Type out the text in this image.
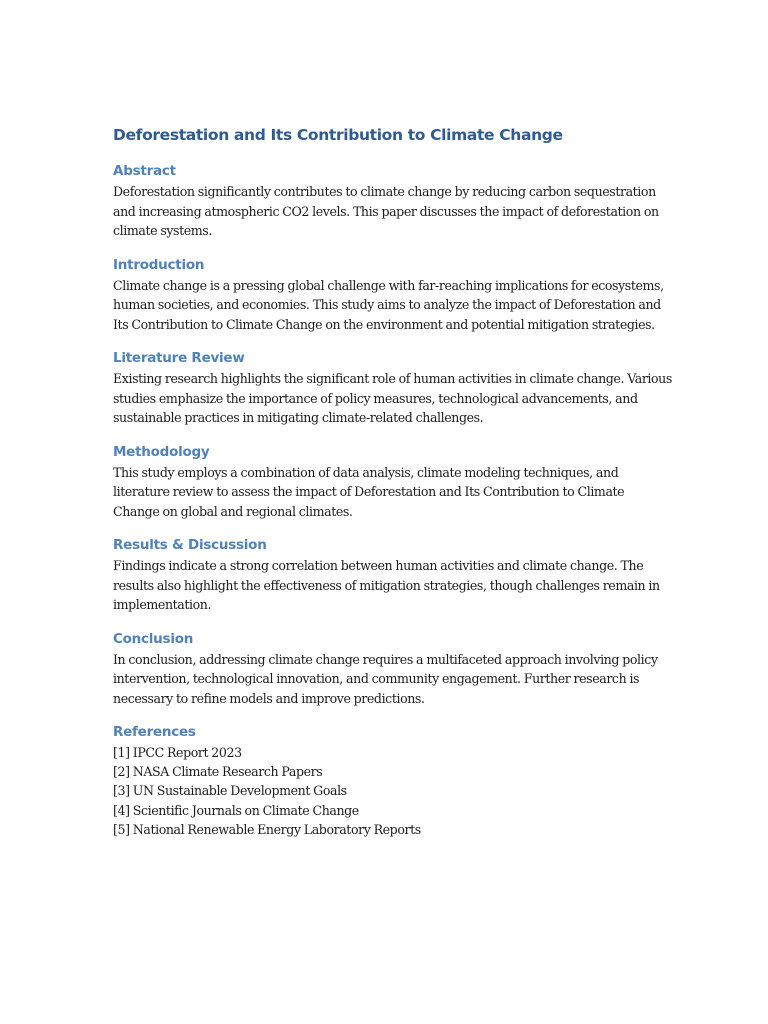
Deforestation and Its Contribution to Climate Change
Abstract

Deforestation significantly contributes to climate change by reducing carbon sequestration and increasing atmospheric CO2 levels. This paper discusses the impact of deforestation on climate systems.

Introduction

Climate change is a pressing global challenge with far-reaching implications for ecosystems, human societies, and economies. This study aims to analyze the impact of Deforestation and Its Contribution to Climate Change on the environment and potential mitigation strategies.

Literature Review

Existing research highlights the significant role of human activities in climate change. Various studies emphasize the importance of policy measures, technological advancements, and sustainable practices in mitigating climate-related challenges.

Methodology

This study employs a combination of data analysis, climate modeling techniques, and literature review to assess the impact of Deforestation and Its Contribution to Climate Change on global and regional climates.

Results & Discussion

Findings indicate a strong correlation between human activities and climate change. The results also highlight the effectiveness of mitigation strategies, though challenges remain in implementation.

Conclusion

In conclusion, addressing climate change requires a multifaceted approach involving policy intervention, technological innovation, and community engagement. Further research is necessary to refine models and improve predictions.

References
[1] IPCC Report 2023
[2] NASA Climate Research Papers
[3] UN Sustainable Development Goals
[4] Scientific Journals on Climate Change
[5] National Renewable Energy Laboratory Reports
